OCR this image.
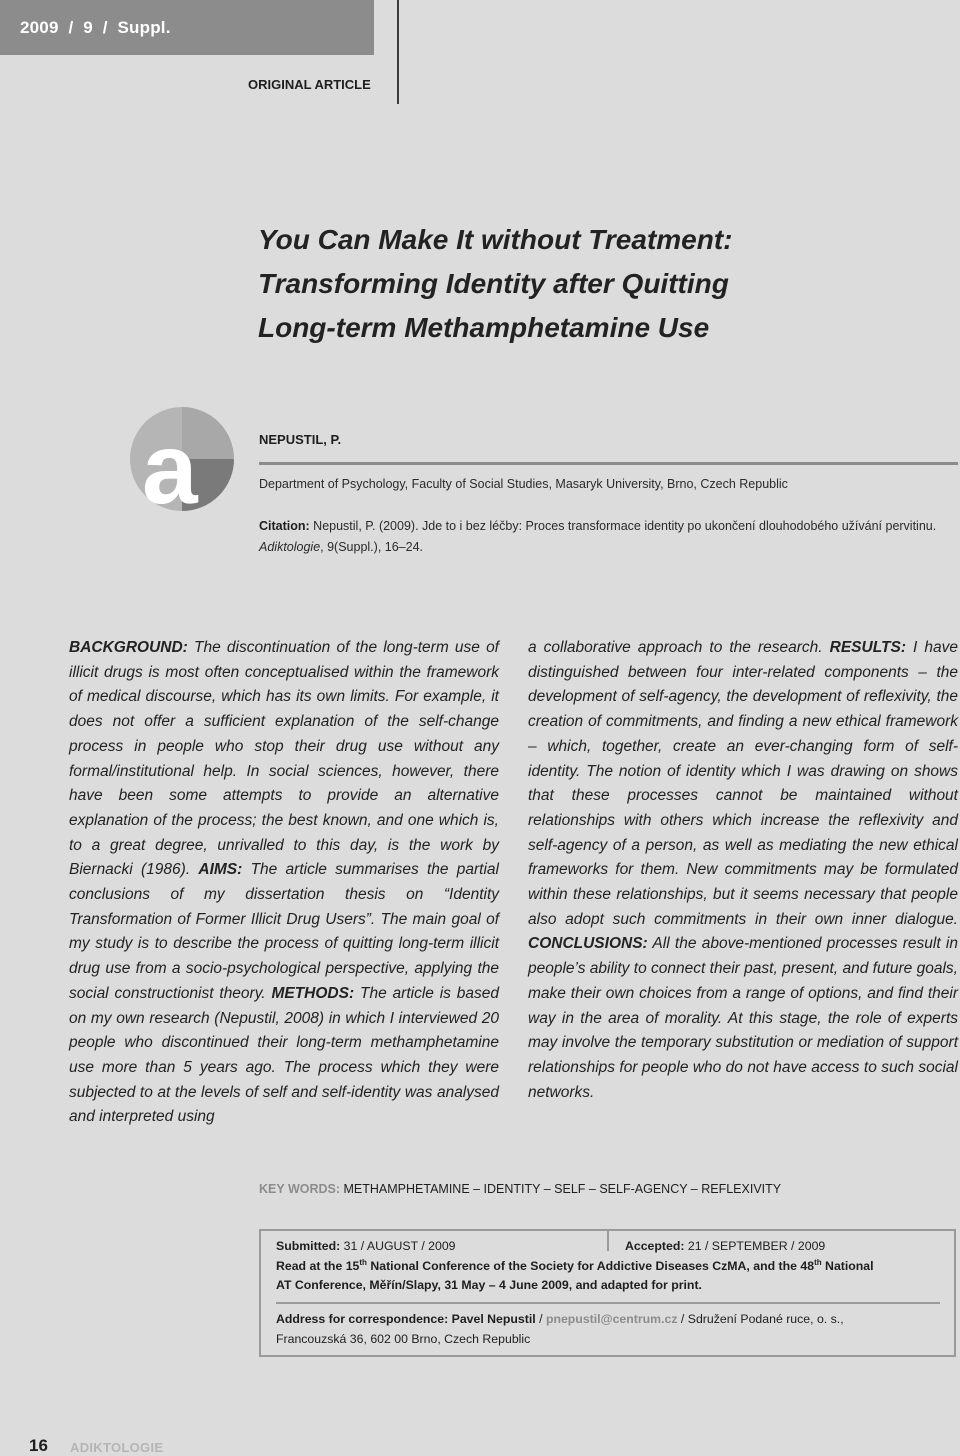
2009  /  9  /  Suppl.
ORIGINAL ARTICLE
You Can Make It without Treatment:
Transforming Identity after Quitting
Long-term Methamphetamine Use
a	NEPUSTIL, P.
Department of Psychology, Faculty of Social Studies, Masaryk University, Brno, Czech Republic
Citation: Nepustil, P. (2009). Jde to i bez léčby: Proces transformace identity po ukončení dlouhodobého užívání pervitinu.
Adiktologie, 9(Suppl.), 16–24.
BACKGROUND: The discontinuation of the long-term use of illicit drugs is most often conceptualised within the framework of medical discourse, which has its own limits. For example, it does not offer a sufficient explanation of the self-change process in people who stop their drug use without any formal/institutional help. In social sciences, however, there have been some attempts to provide an alternative explanation of the process; the best known, and one which is, to a great degree, unrivalled to this day, is the work by Biernacki (1986). AIMS: The article summarises the partial conclusions of my dissertation thesis on “Identity Transformation of Former Illicit Drug Users”. The main goal of my study is to describe the process of quitting long-term illicit drug use from a socio-psychological perspective, applying the social constructionist theory. METHODS: The article is based on my own research (Nepustil, 2008) in which I interviewed 20 people who discontinued their long-term methamphetamine use more than 5 years ago. The process which they were subjected to at the levels of self and self-identity was analysed and interpreted using
a collaborative approach to the research. RESULTS: I have distinguished between four inter-related components – the development of self-agency, the development of reflexivity, the creation of commitments, and finding a new ethical framework – which, together, create an ever-changing form of self-identity. The notion of identity which I was drawing on shows that these processes cannot be maintained without relationships with others which increase the reflexivity and self-agency of a person, as well as mediating the new ethical frameworks for them. New commitments may be formulated within these relationships, but it seems necessary that people also adopt such commitments in their own inner dialogue. CONCLUSIONS: All the above-mentioned processes result in people’s ability to connect their past, present, and future goals, make their own choices from a range of options, and find their way in the area of morality. At this stage, the role of experts may involve the temporary substitution or mediation of support relationships for people who do not have access to such social networks.
KEY WORDS: METHAMPHETAMINE – IDENTITY – SELF – SELF-AGENCY – REFLEXIVITY
Submitted: 31 / AUGUST / 2009	Accepted: 21 / SEPTEMBER / 2009
Read at the 15th National Conference of the Society for Addictive Diseases CzMA, and the 48th National
AT Conference, Měřín/Slapy, 31 May – 4 June 2009, and adapted for print.
Address for correspondence: Pavel Nepustil / pnepustil@centrum.cz / Sdružení Podané ruce, o. s.,
Francouzská 36, 602 00 Brno, Czech Republic
16 ADIKTOLOGIE
